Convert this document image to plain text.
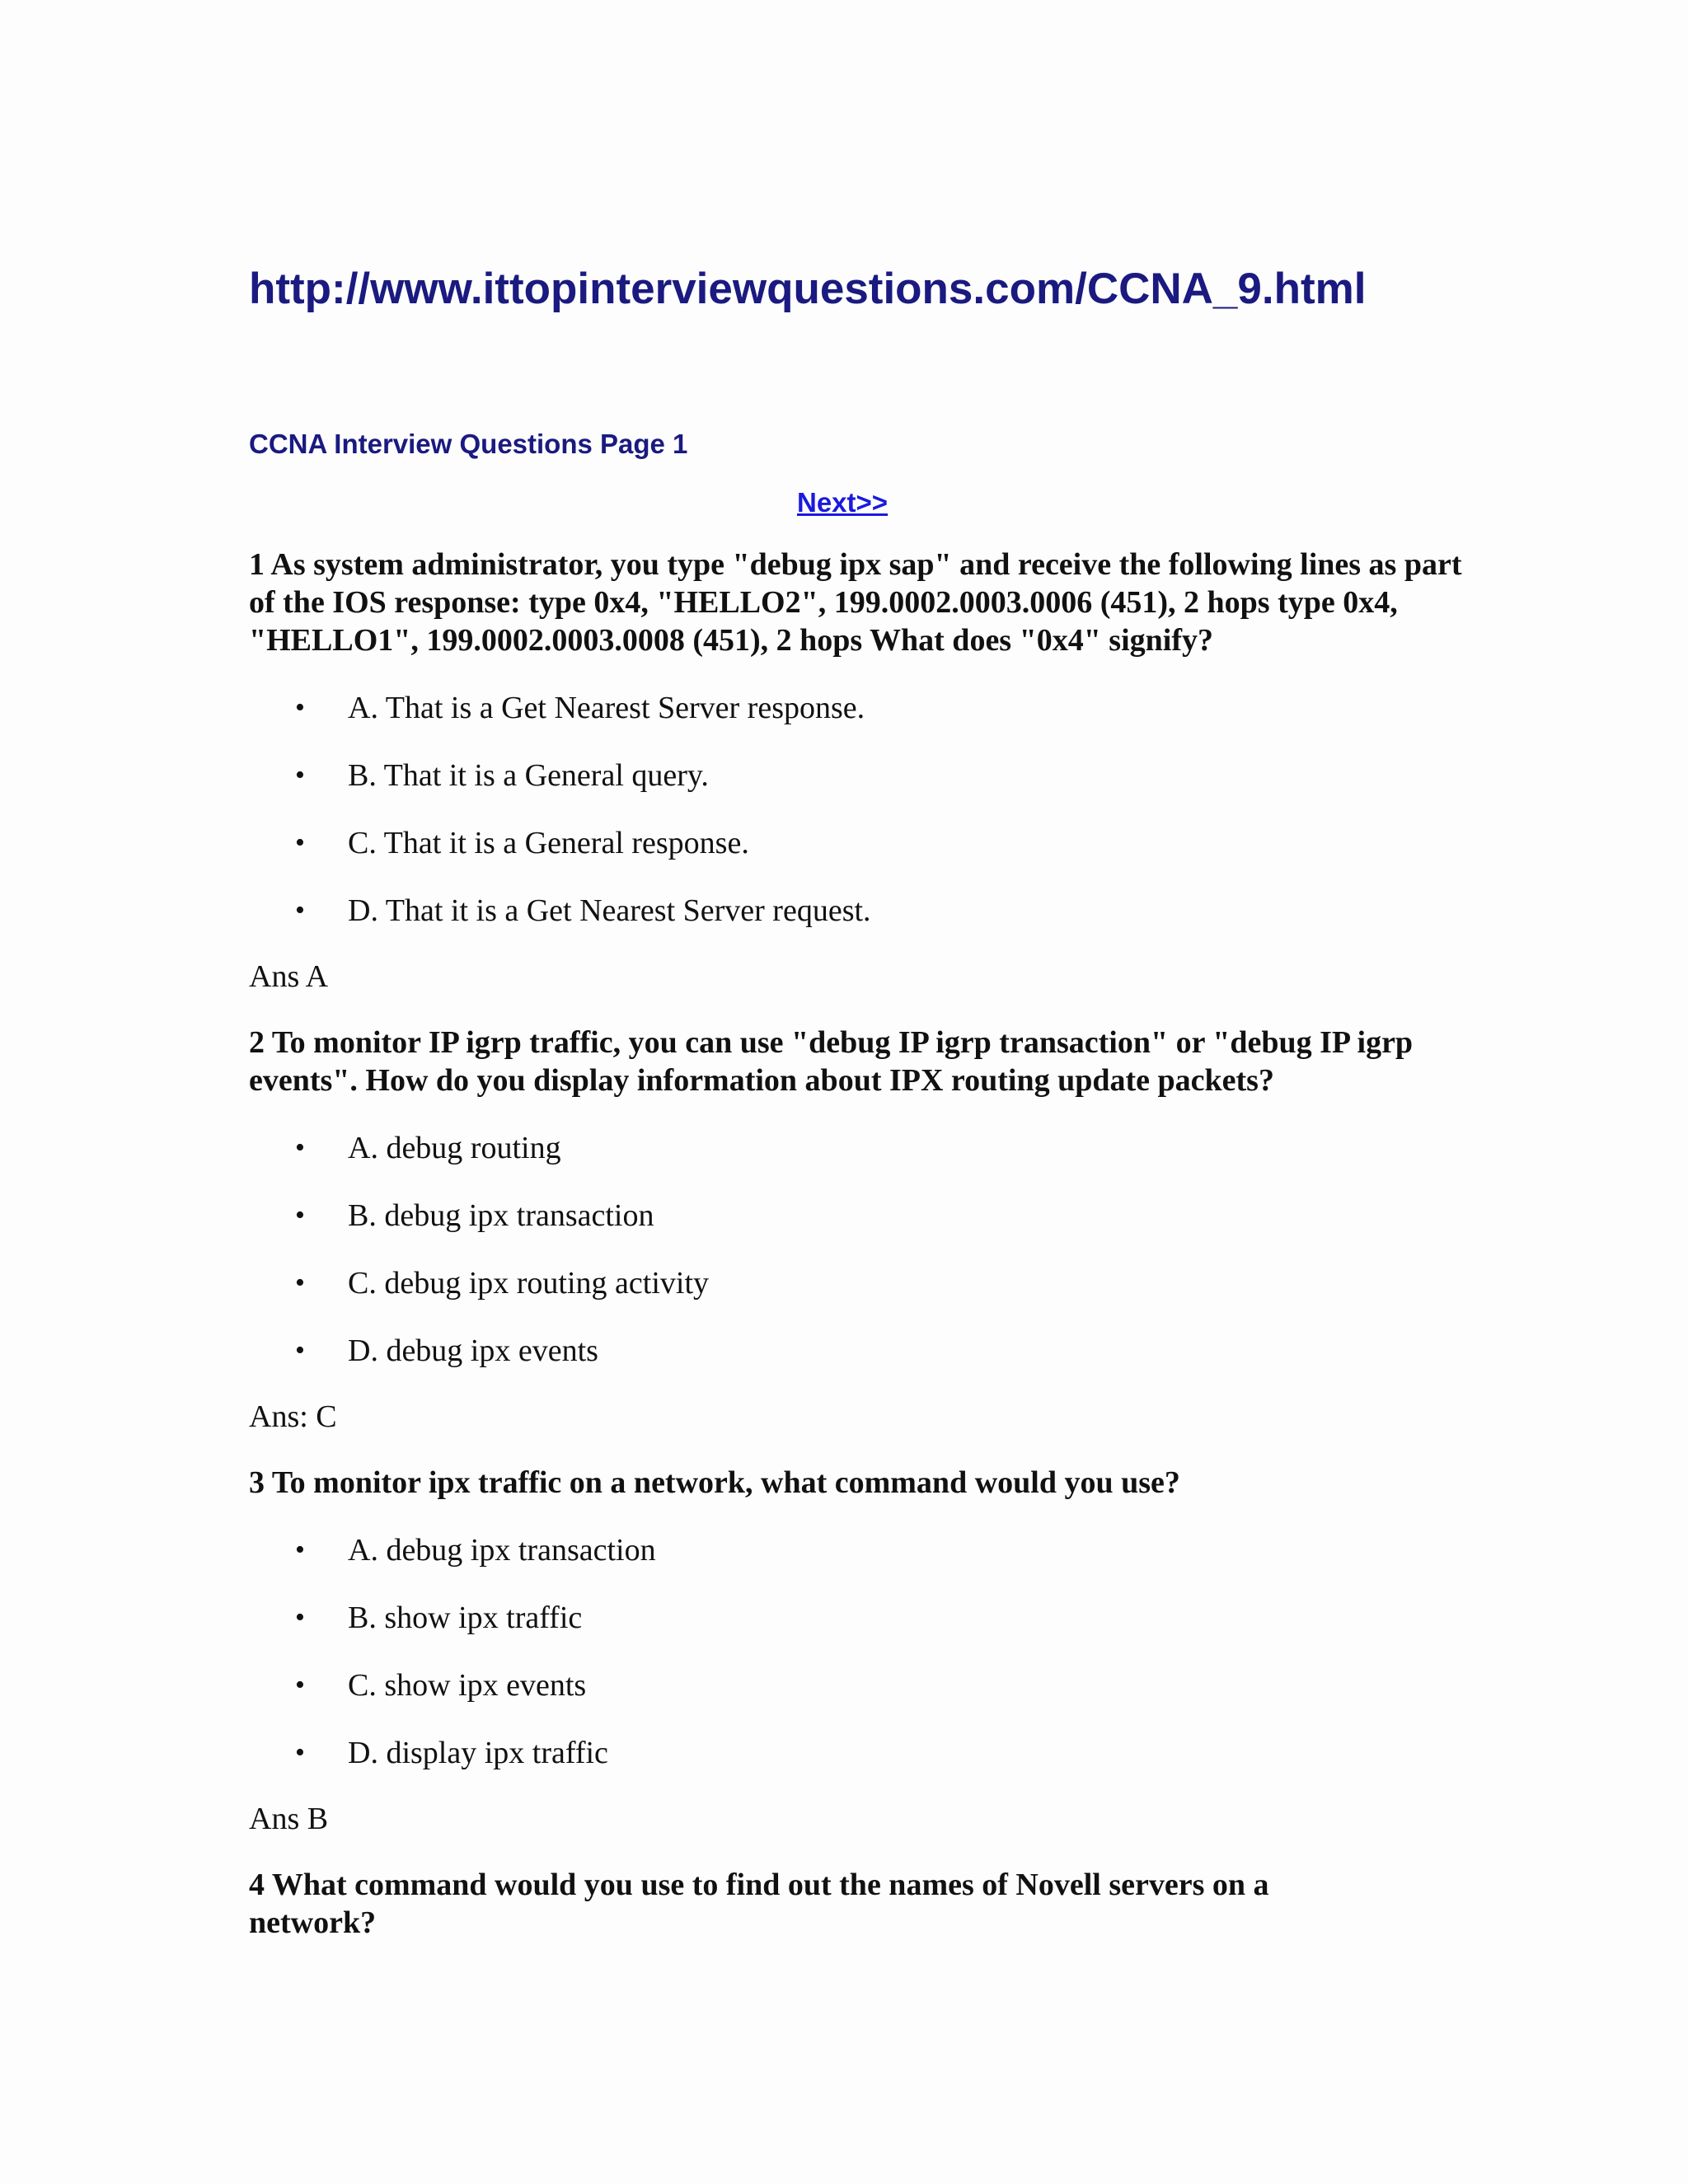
http://www.ittopinterviewquestions.com/CCNA_9.html
CCNA Interview Questions Page 1
Next>>

1 As system administrator, you type "debug ipx sap" and receive the following lines as part of the IOS response: type 0x4, "HELLO2", 199.0002.0003.0006 (451), 2 hops type 0x4, "HELLO1", 199.0002.0003.0008 (451), 2 hops What does "0x4" signify?

• A. That is a Get Nearest Server response.
• B. That it is a General query.
• C. That it is a General response.
• D. That it is a Get Nearest Server request.

Ans A

2 To monitor IP igrp traffic, you can use "debug IP igrp transaction" or "debug IP igrp events". How do you display information about IPX routing update packets?

• A. debug routing
• B. debug ipx transaction
• C. debug ipx routing activity
• D. debug ipx events

Ans: C

3 To monitor ipx traffic on a network, what command would you use?

• A. debug ipx transaction
• B. show ipx traffic
• C. show ipx events
• D. display ipx traffic

Ans B

4 What command would you use to find out the names of Novell servers on a network?
